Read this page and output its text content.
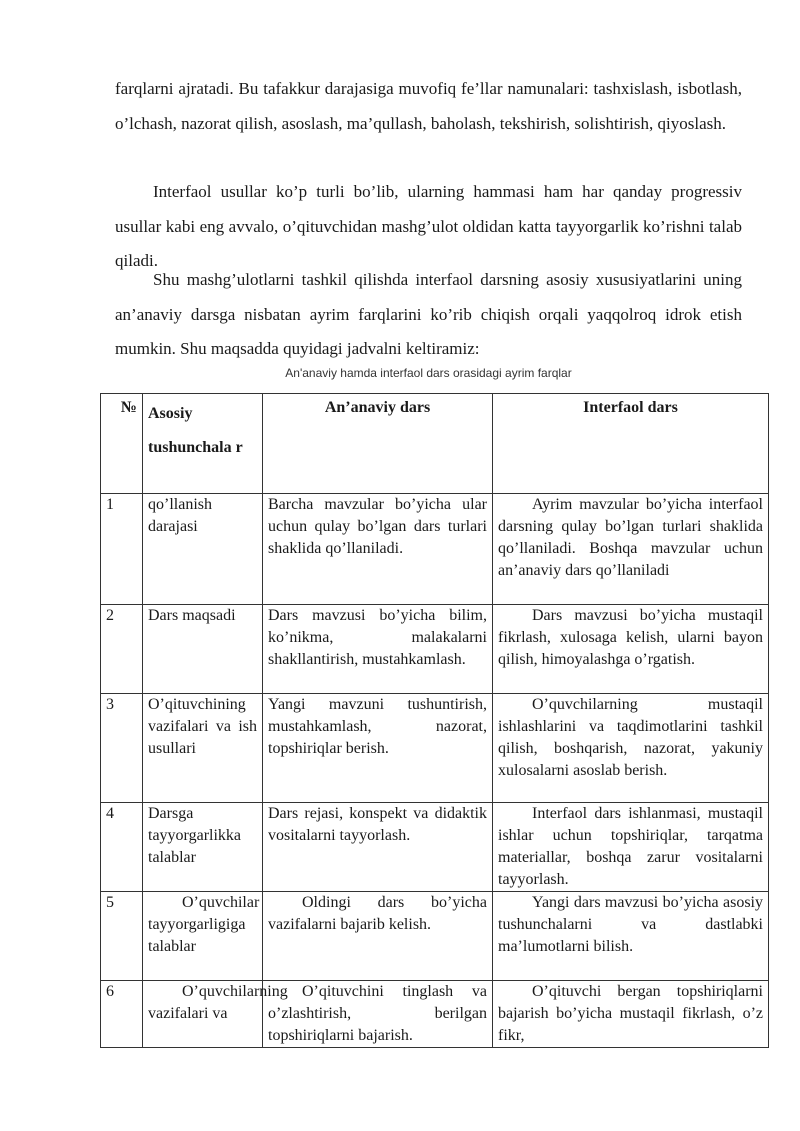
farqlarni ajratadi. Bu tafakkur darajasiga muvofiq fe’llar namunalari: tashxislash, isbotlash, o’lchash, nazorat qilish, asoslash, ma’qullash, baholash, tekshirish, solishtirish, qiyoslash.

Interfaol usullar ko’p turli bo’lib, ularning hammasi ham har qanday progressiv usullar kabi eng avvalo, o’qituvchidan mashg’ulot oldidan katta tayyorgarlik ko’rishni talab qiladi.

Shu mashg’ulotlarni tashkil qilishda interfaol darsning asosiy xususiyatlarini uning an’anaviy darsga nisbatan ayrim farqlarini ko’rib chiqish orqali yaqqolroq idrok etish mumkin. Shu maqsadda quyidagi jadvalni keltiramiz:

An'anaviy hamda interfaol dars orasidagi ayrim farqlar
№	Asosiy tushunchala r	An’anaviy dars	Interfaol dars
1	qo’llanish darajasi	Barcha mavzular bo’yicha ular uchun qulay bo’lgan dars turlari shaklida qo’llaniladi.	Ayrim mavzular bo’yicha interfaol darsning qulay bo’lgan turlari shaklida qo’llaniladi. Boshqa mavzular uchun an’anaviy dars qo’llaniladi
2	Dars maqsadi	Dars mavzusi bo’yicha bilim, ko’nikma, malakalarni shakllantirish, mustahkamlash.	Dars mavzusi bo’yicha mustaqil fikrlash, xulosaga kelish, ularni bayon qilish, himoyalashga o’rgatish.
3	O’qituvchining vazifalari va ish usullari	Yangi mavzuni tushuntirish, mustahkamlash, nazorat, topshiriqlar berish.	O’quvchilarning mustaqil ishlashlarini va taqdimotlarini tashkil qilish, boshqarish, nazorat, yakuniy xulosalarni asoslab berish.
4	Darsga tayyorgarlikka talablar	Dars rejasi, konspekt va didaktik vositalarni tayyorlash.	Interfaol dars ishlanmasi, mustaqil ishlar uchun topshiriqlar, tarqatma materiallar, boshqa zarur vositalarni tayyorlash.
5	O’quvchilar tayyorgarligiga talablar	Oldingi dars bo’yicha vazifalarni bajarib kelish.	Yangi dars mavzusi bo’yicha asosiy tushunchalarni va dastlabki ma’lumotlarni bilish.
6	O’quvchilarning vazifalari va	O’qituvchini tinglash va o’zlashtirish, berilgan topshiriqlarni bajarish.	O’qituvchi bergan topshiriqlarni bajarish bo’yicha mustaqil fikrlash, o’z fikr,
